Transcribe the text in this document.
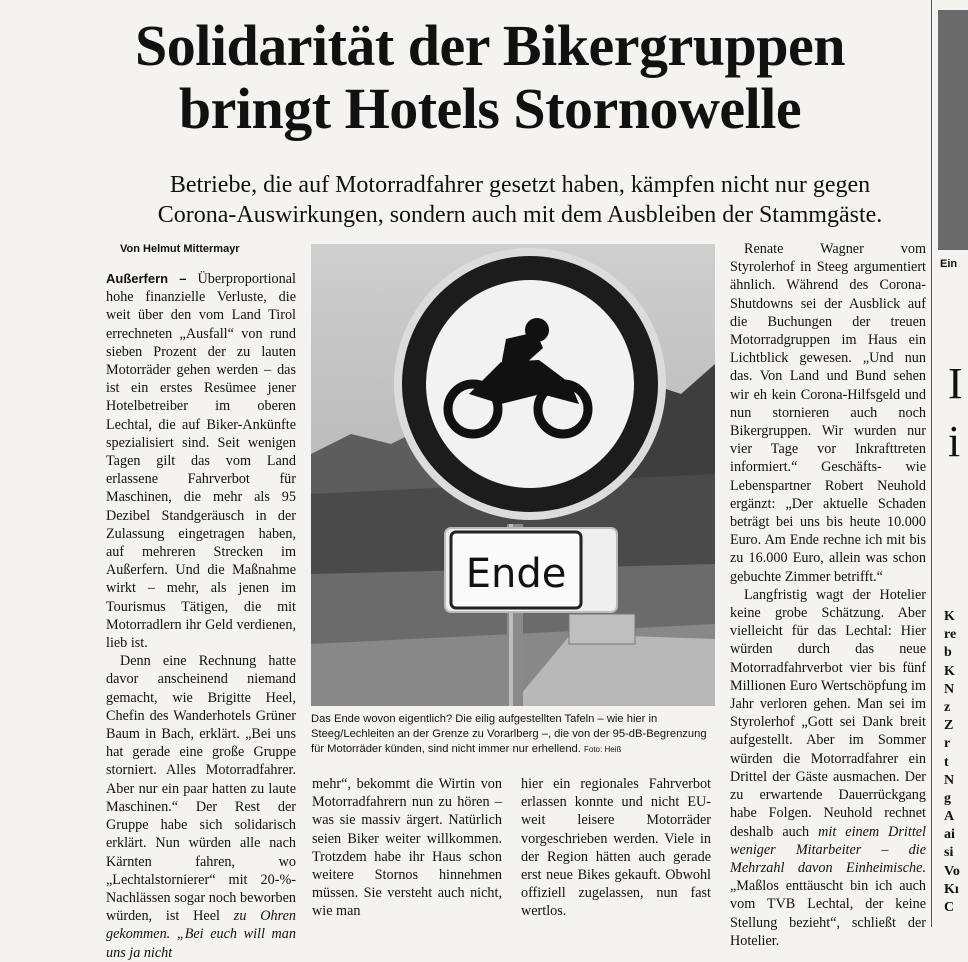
Solidarität der Bikergruppen
bringt Hotels Stornowelle

Betriebe, die auf Motorradfahrer gesetzt haben, kämpfen nicht nur gegen
Corona-Auswirkungen, sondern auch mit dem Ausbleiben der Stammgäste.

Von Helmut Mittermayr

Außerfern – Überproportional hohe finanzielle Verluste, die weit über den vom Land Tirol errechneten „Ausfall“ von rund sieben Prozent der zu lauten Motorräder gehen werden – das ist ein erstes Resümee jener Hotelbetreiber im oberen Lechtal, die auf Biker-Ankünfte spezialisiert sind. Seit wenigen Tagen gilt das vom Land erlassene Fahrverbot für Maschinen, die mehr als 95 Dezibel Standgeräusch in der Zulassung eingetragen haben, auf mehreren Strecken im Außerfern. Und die Maßnahme wirkt – mehr, als jenen im Tourismus Tätigen, die mit Motorradlern ihr Geld verdienen, lieb ist.

Denn eine Rechnung hatte davor anscheinend niemand gemacht, wie Brigitte Heel, Chefin des Wanderhotels Grüner Baum in Bach, erklärt. „Bei uns hat gerade eine große Gruppe storniert. Alles Motorradfahrer. Aber nur ein paar hatten zu laute Maschinen.“ Der Rest der Gruppe habe sich solidarisch erklärt. Nun würden alle nach Kärnten fahren, wo „Lechtalstornierer“ mit 20-%-Nachlässen sogar noch beworben würden, ist Heel zu Ohren gekommen. „Bei euch will man uns ja nicht

Ende

Das Ende wovon eigentlich? Die eilig aufgestellten Tafeln – wie hier in Steeg/Lechleiten an der Grenze zu Vorarlberg –, die von der 95-dB-Begrenzung für Motorräder künden, sind nicht immer nur erhellend. Foto: Heiß

mehr“, bekommt die Wirtin von Motorradfahrern nun zu hören – was sie massiv ärgert. Natürlich seien Biker weiter willkommen. Trotzdem habe ihr Haus schon weitere Stornos hinnehmen müssen. Sie versteht auch nicht, wie man

hier ein regionales Fahrverbot erlassen konnte und nicht EU-weit leisere Motorräder vorgeschrieben werden. Viele in der Region hätten auch gerade erst neue Bikes gekauft. Obwohl offiziell zugelassen, nun fast wertlos.

Renate Wagner vom Styrolerhof in Steeg argumentiert ähnlich. Während des Corona-Shutdowns sei der Ausblick auf die Buchungen der treuen Motorradgruppen im Haus ein Lichtblick gewesen. „Und nun das. Von Land und Bund sehen wir eh kein Corona-Hilfsgeld und nun stornieren auch noch Bikergruppen. Wir wurden nur vier Tage vor Inkrafttreten informiert.“ Geschäfts- wie Lebenspartner Robert Neuhold ergänzt: „Der aktuelle Schaden beträgt bei uns bis heute 10.000 Euro. Am Ende rechne ich mit bis zu 16.000 Euro, allein was schon gebuchte Zimmer betrifft.“

Langfristig wagt der Hotelier keine grobe Schätzung. Aber vielleicht für das Lechtal: Hier würden durch das neue Motorradfahrverbot vier bis fünf Millionen Euro Wertschöpfung im Jahr verloren gehen. Man sei im Styrolerhof „Gott sei Dank breit aufgestellt. Aber im Sommer würden die Motorradfahrer ein Drittel der Gäste ausmachen. Der zu erwartende Dauerrückgang habe Folgen. Neuhold rechnet deshalb auch mit einem Drittel weniger Mitarbeiter – die Mehrzahl davon Einheimische. „Maßlos enttäuscht bin ich auch vom TVB Lechtal, der keine Stellung bezieht“, schließt der Hotelier.

Ein
I
i
K
re
b
K
N
z
Z
r
t
N
g
A
ai
si
Vo
Kı
C
